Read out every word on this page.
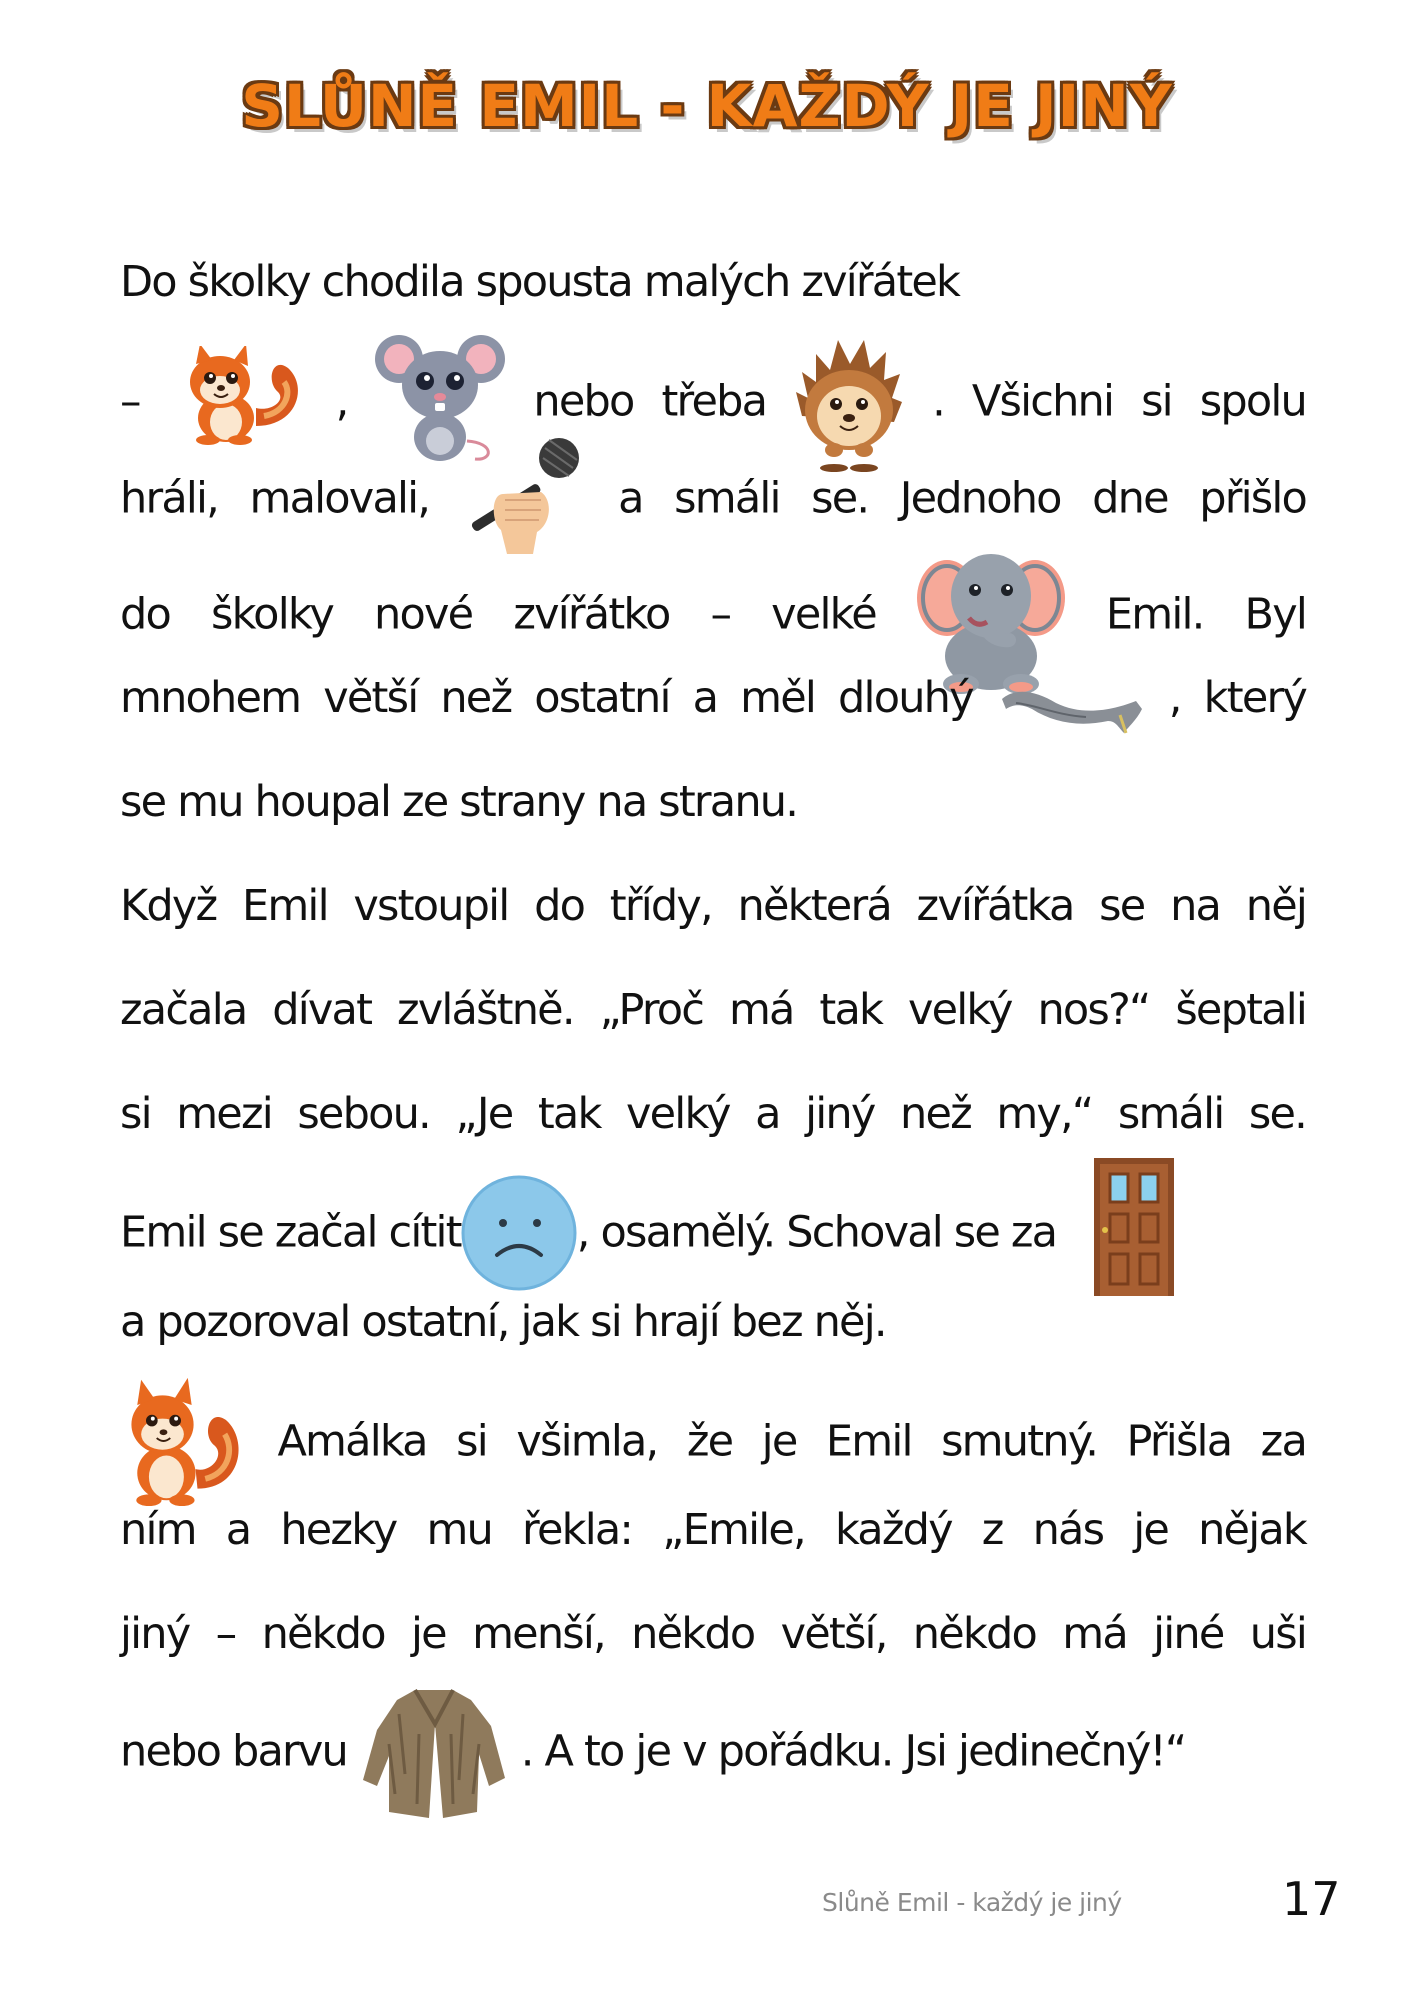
SLŮNĚ EMIL - KAŽDÝ JE JINÝ
Do školky chodila spousta malých zvířátek
–	,	nebo třeba	. Všichni si spolu
hráli, malovali,	a smáli se. Jednoho dne přišlo
do školky nové zvířátko – velké	Emil. Byl
mnohem větší než ostatní a měl dlouhý	, který
se mu houpal ze strany na stranu.
Když Emil vstoupil do třídy, některá zvířátka se na něj
začala dívat zvláštně. „Proč má tak velký nos?“ šeptali
si mezi sebou. „Je tak velký a jiný než my,“ smáli se.
Emil se začal cítit	, osamělý. Schoval se za
a pozoroval ostatní, jak si hrají bez něj.
Amálka si všimla, že je Emil smutný. Přišla za
ním a hezky mu řekla: „Emile, každý z nás je nějak
jiný – někdo je menší, někdo větší, někdo má jiné uši
nebo barvu	. A to je v pořádku. Jsi jedinečný!“
Slůně Emil - každý je jiný	17
